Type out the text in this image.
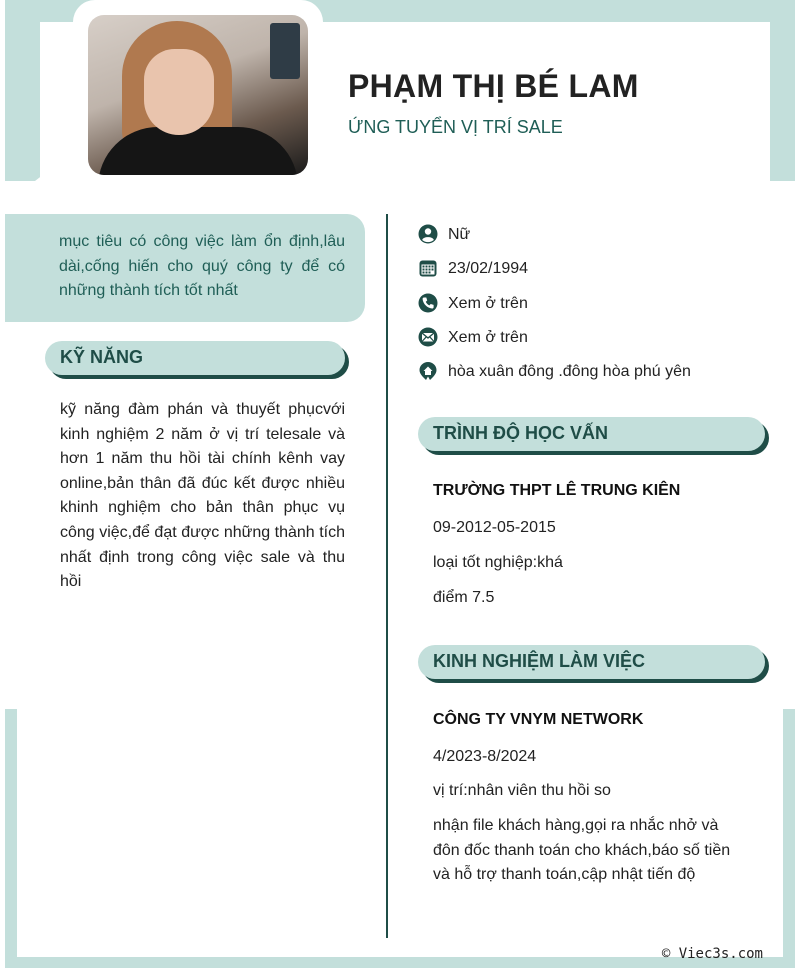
PHẠM THỊ BÉ LAM
ỨNG TUYỂN VỊ TRÍ SALE

mục tiêu có công việc làm ổn định,lâu dài,cống hiến cho quý công ty để có những thành tích tốt nhất

KỸ NĂNG

kỹ năng đàm phán và thuyết phụcvới kinh nghiệm 2 năm ở vị trí telesale và hơn 1 năm thu hồi tài chính kênh vay online,bản thân đã đúc kết được nhiều khinh nghiệm cho bản thân phục vụ công việc,để đạt được những thành tích nhất định trong công việc sale và thu hồi

Nữ
23/02/1994
Xem ở trên
Xem ở trên
hòa xuân đông .đông hòa phú yên
TRÌNH ĐỘ HỌC VẤN
TRƯỜNG THPT LÊ TRUNG KIÊN
09-2012-05-2015
loại tốt nghiệp:khá
điểm 7.5
KINH NGHIỆM LÀM VIỆC
CÔNG TY VNYM NETWORK
4/2023-8/2024
vị trí:nhân viên thu hồi so

nhận file khách hàng,gọi ra nhắc nhở và đôn đốc thanh toán cho khách,báo số tiền và hỗ trợ thanh toán,cập nhật tiến độ

© Viec3s.com
